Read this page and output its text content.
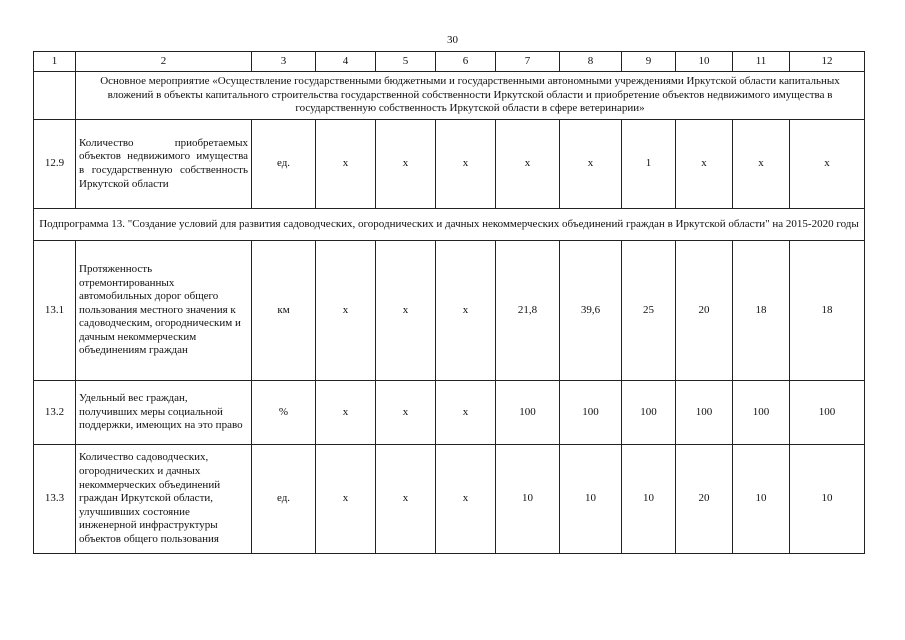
30
1	2	3	4	5	6	7	8	9	10	11	12
	Основное мероприятие «Осуществление государственными бюджетными и государственными автономными учреждениями Иркутской области капитальных вложений в объекты капитального строительства государственной собственности Иркутской области и приобретение объектов недвижимого имущества в государственную собственность Иркутской области в сфере ветеринарии»										
12.9	Количество приобретаемых объектов недвижимого имущества в государственную собственность Иркутской области	ед.	х	х	х	х	х	1	х	х	х
Подпрограмма 13. "Создание условий для развития садоводческих, огороднических и дачных некоммерческих объединений граждан в Иркутской области" на 2015-2020 годы											
13.1	Протяженность отремонтированных автомобильных дорог общего пользования местного значения к садоводческим, огородническим и дачным некоммерческим объединениям граждан	км	х	х	х	21,8	39,6	25	20	18	18
13.2	Удельный вес граждан, получивших меры социальной поддержки, имеющих на это право	%	х	х	х	100	100	100	100	100	100
13.3	Количество садоводческих, огороднических и дачных некоммерческих объединений граждан Иркутской области, улучшивших состояние инженерной инфраструктуры объектов общего пользования	ед.	х	х	х	10	10	10	20	10	10
